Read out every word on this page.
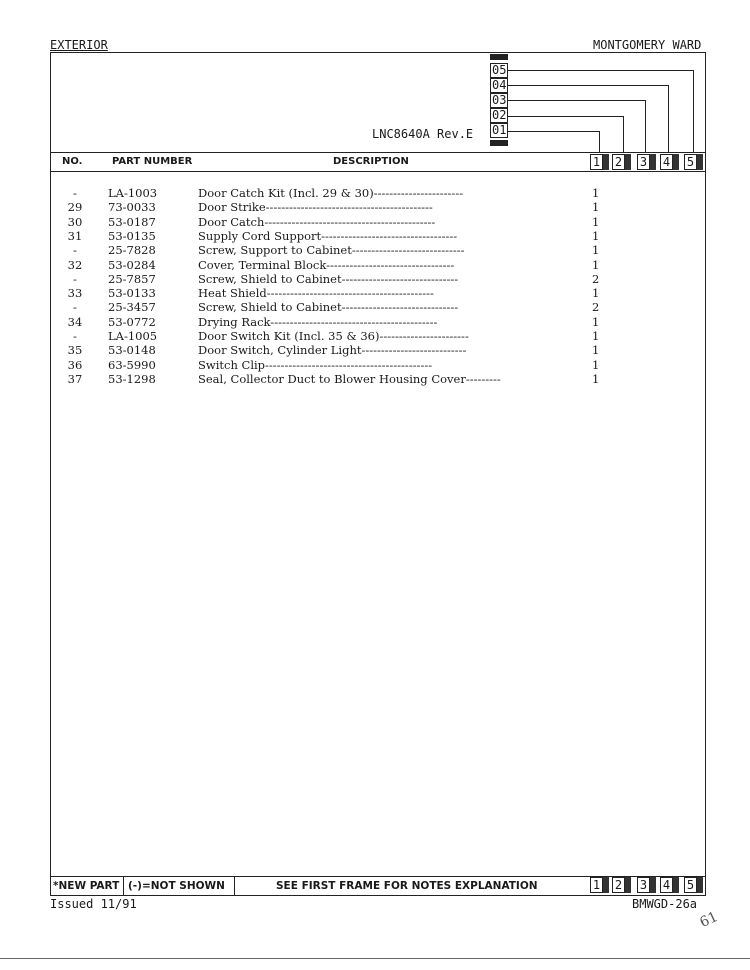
EXTERIOR	MONTGOMERY WARD
05
04
03
02
01
LNC8640A Rev.E
NO.	PART NUMBER	DESCRIPTION	1 2 3 4 5
-	LA-1003	Door Catch Kit (Incl. 29 & 30)-----------------------	1
29	73-0033	Door Strike-------------------------------------------	1
30	53-0187	Door Catch--------------------------------------------	1
31	53-0135	Supply Cord Support-----------------------------------	1
-	25-7828	Screw, Support to Cabinet-----------------------------	1
32	53-0284	Cover, Terminal Block---------------------------------	1
-	25-7857	Screw, Shield to Cabinet------------------------------	2
33	53-0133	Heat Shield-------------------------------------------	1
-	25-3457	Screw, Shield to Cabinet------------------------------	2
34	53-0772	Drying Rack-------------------------------------------	1
-	LA-1005	Door Switch Kit (Incl. 35 & 36)-----------------------	1
35	53-0148	Door Switch, Cylinder Light---------------------------	1
36	63-5990	Switch Clip-------------------------------------------	1
37	53-1298	Seal, Collector Duct to Blower Housing Cover---------	1
*NEW PART (-)=NOT SHOWN	SEE FIRST FRAME FOR NOTES EXPLANATION	1 2 3 4 5
Issued 11/91	BMWGD-26a
61
